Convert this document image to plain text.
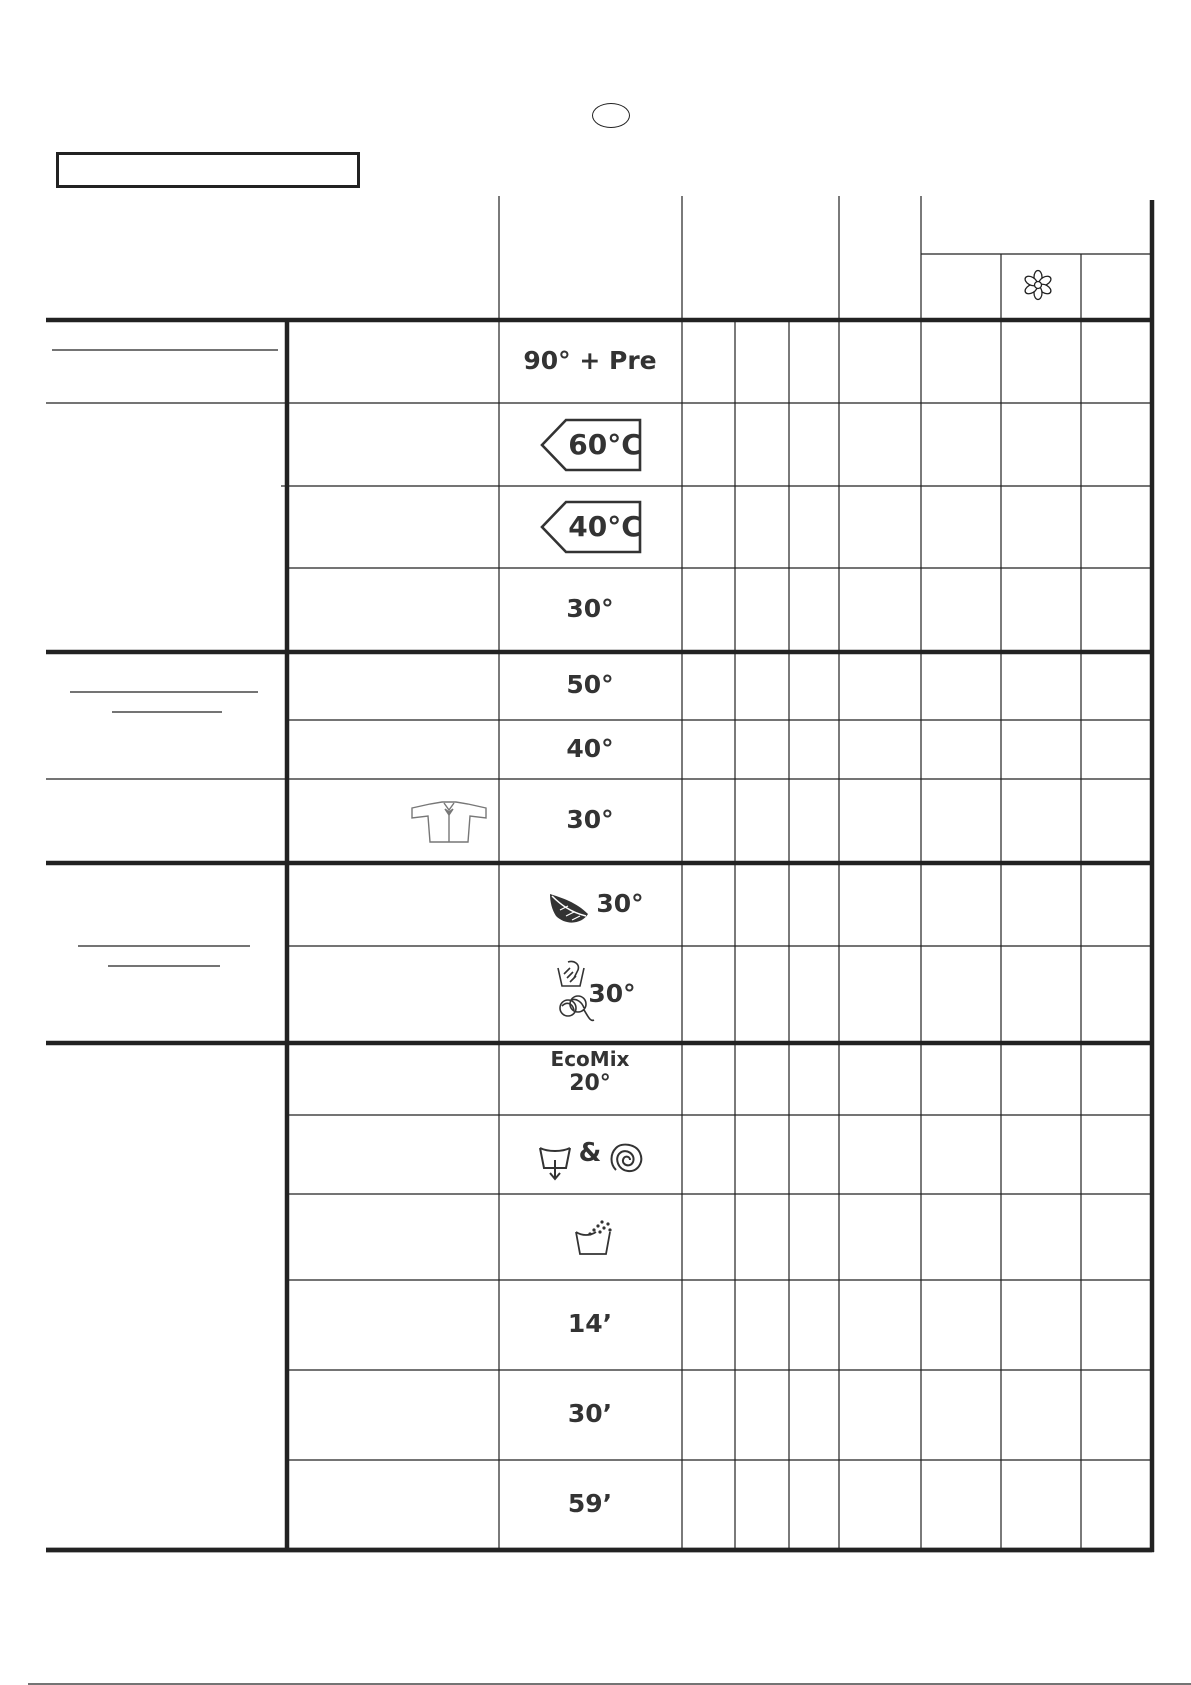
90° + Pre
60°C
40°C
30°
50°
40°
30°
30°
30°
EcoMix
20°
&
14’
30’
59’
